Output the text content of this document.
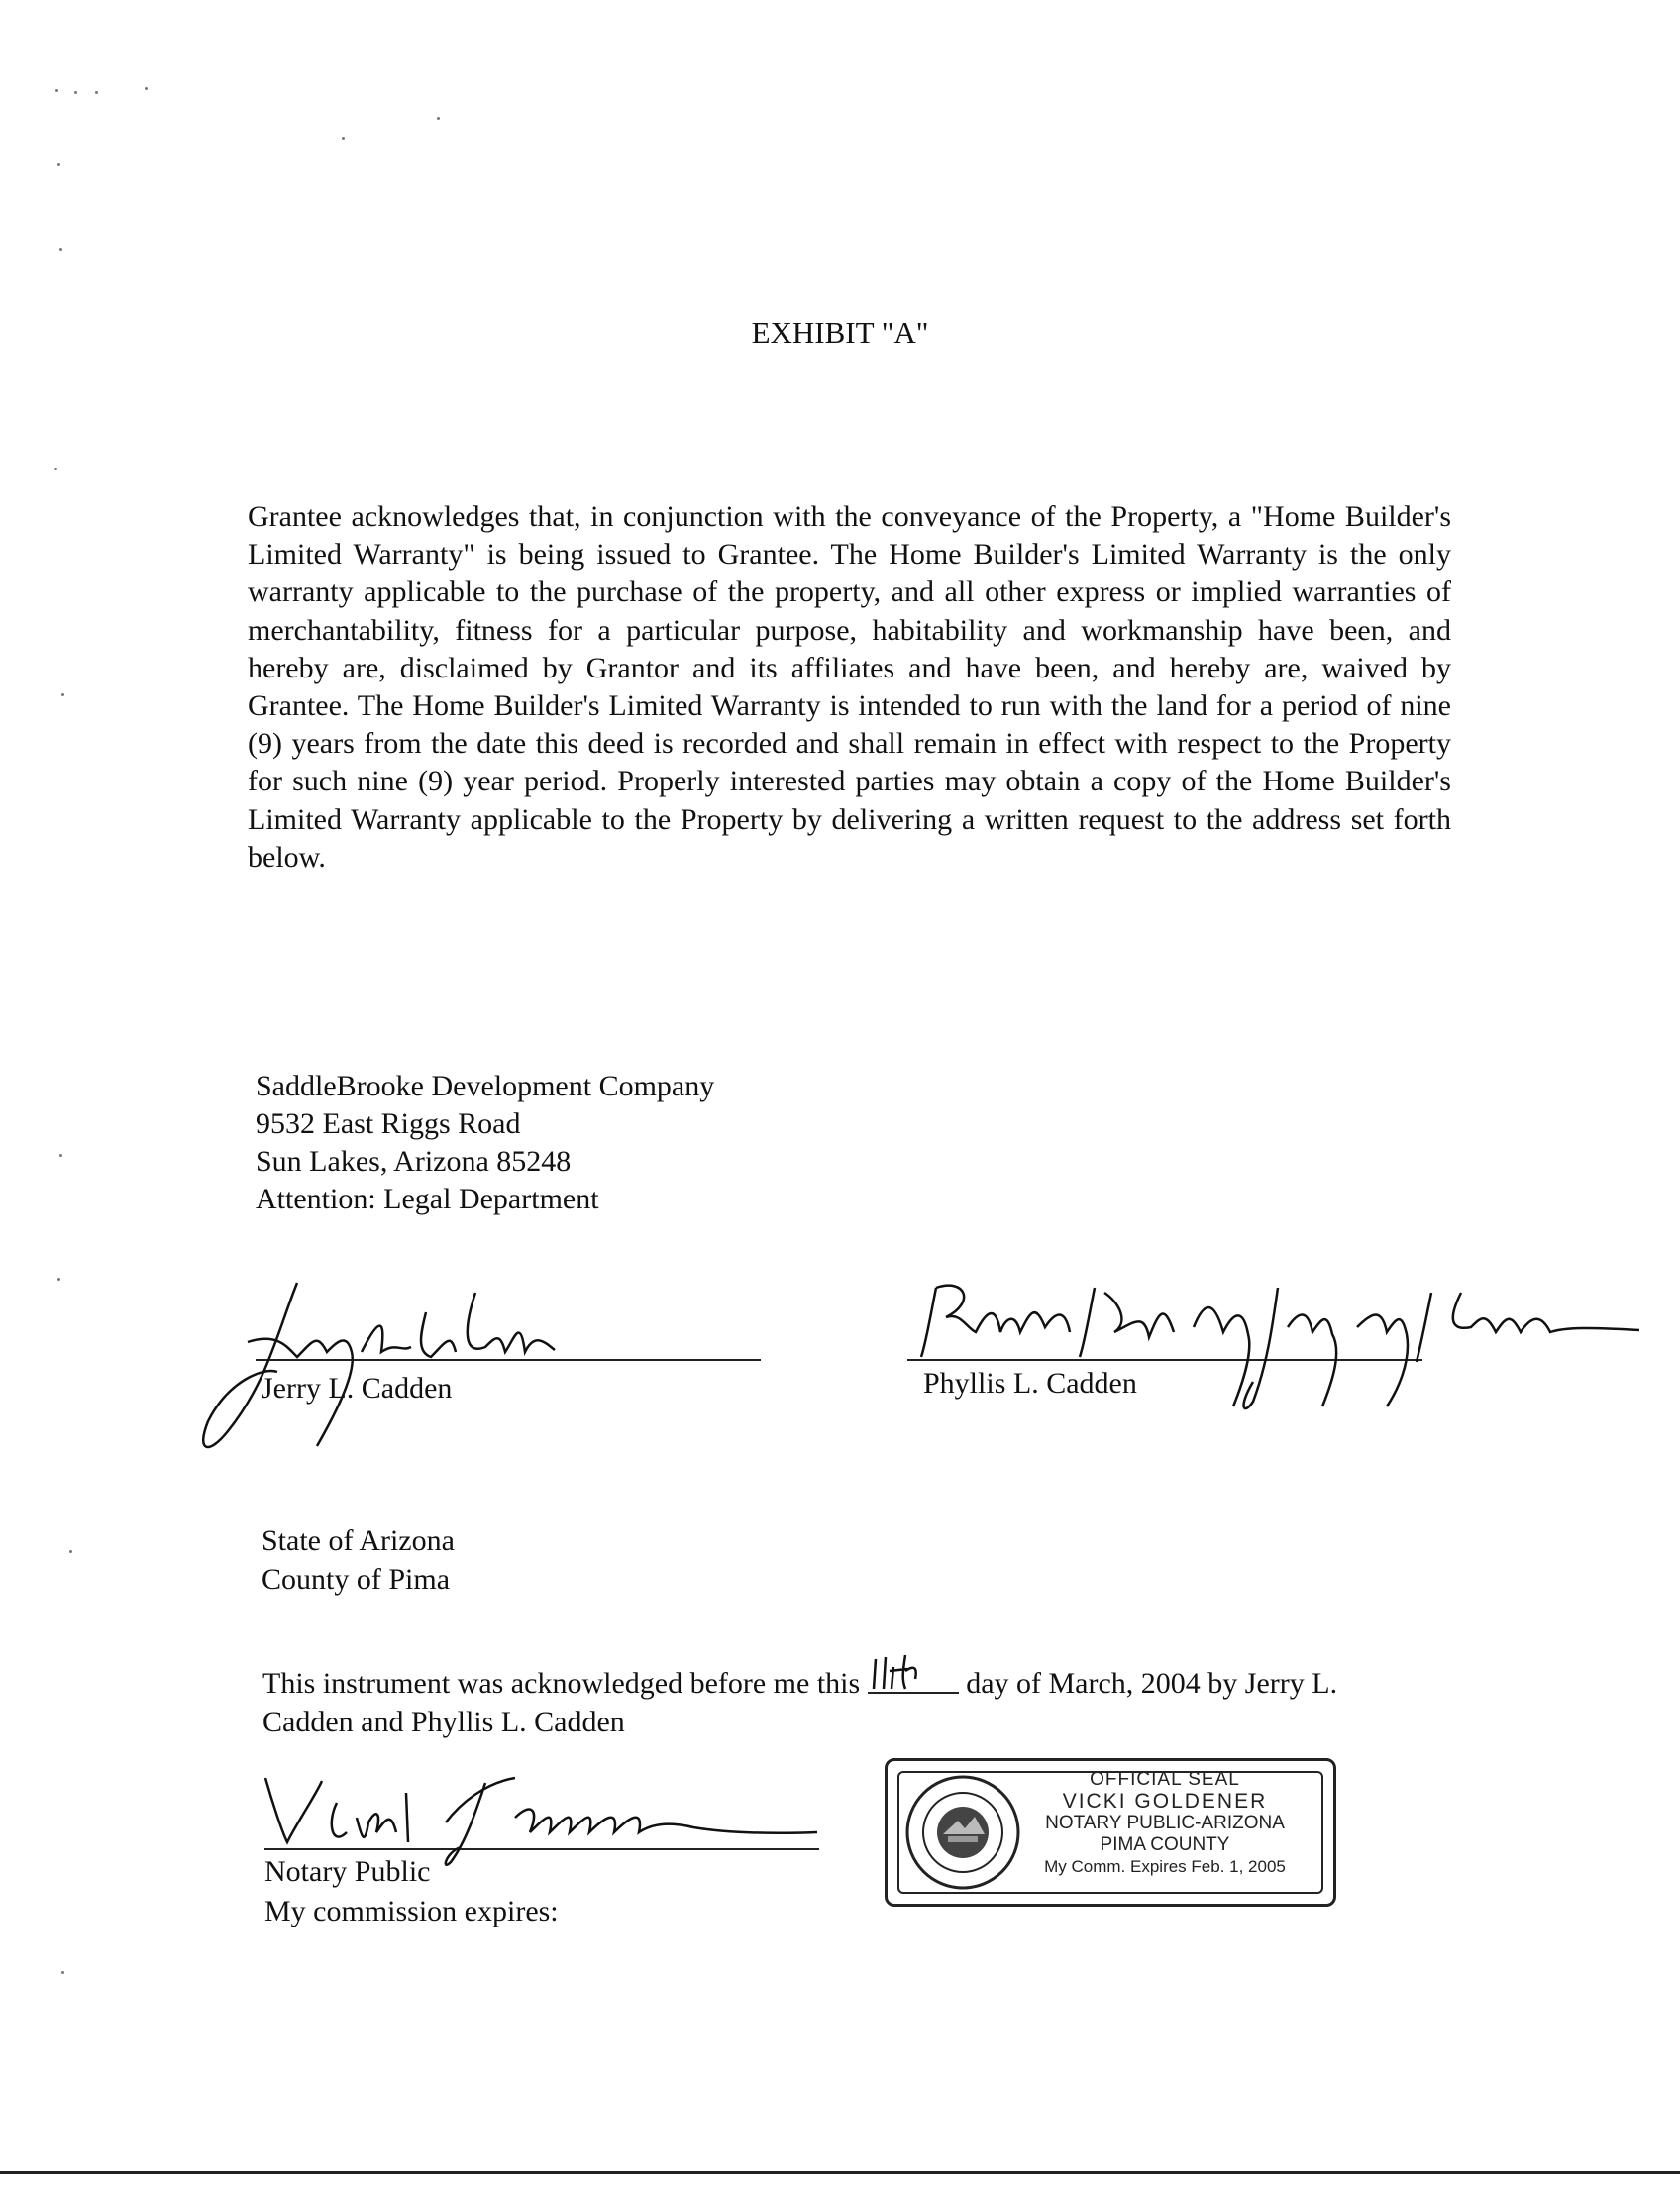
EXHIBIT "A"
Grantee acknowledges that, in conjunction with the conveyance of the Property, a "Home Builder's Limited Warranty" is being issued to Grantee. The Home Builder's Limited Warranty is the only warranty applicable to the purchase of the property, and all other express or implied warranties of merchantability, fitness for a particular purpose, habitability and workmanship have been, and hereby are, disclaimed by Grantor and its affiliates and have been, and hereby are, waived by Grantee. The Home Builder's Limited Warranty is intended to run with the land for a period of nine (9) years from the date this deed is recorded and shall remain in effect with respect to the Property for such nine (9) year period. Properly interested parties may obtain a copy of the Home Builder's Limited Warranty applicable to the Property by delivering a written request to the address set forth below.
SaddleBrooke Development Company
9532 East Riggs Road
Sun Lakes, Arizona 85248
Attention: Legal Department
Jerry L. Cadden	Phyllis L. Cadden
State of Arizona
County of Pima
This instrument was acknowledged before me this	day of March, 2004 by Jerry L.
Cadden and Phyllis L. Cadden
Notary Public
My commission expires:
OFFICIAL SEAL
VICKI GOLDENER
NOTARY PUBLIC-ARIZONA
PIMA COUNTY
My Comm. Expires Feb. 1, 2005
